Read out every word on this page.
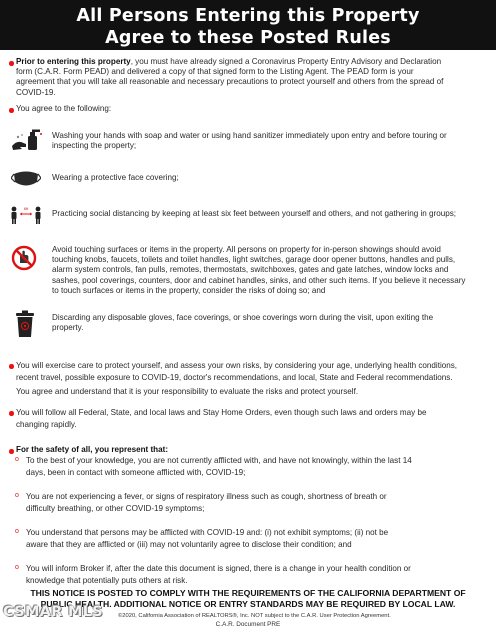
All Persons Entering this Property
Agree to these Posted Rules
Prior to entering this property, you must have already signed a Coronavirus Property Entry Advisory and Declaration
form (C.A.R. Form PEAD) and delivered a copy of that signed form to the Listing Agent. The PEAD form is your
agreement that you will take all reasonable and necessary precautions to protect yourself and others from the spread of
COVID-19.
You agree to the following:
Washing your hands with soap and water or using hand sanitizer immediately upon entry and before touring or
inspecting the property;
Wearing a protective face covering;
6ft
Practicing social distancing by keeping at least six feet between yourself and others, and not gathering in groups;
Avoid touching surfaces or items in the property. All persons on property for in-person showings should avoid
touching knobs, faucets, toilets and toilet handles, light switches, garage door opener buttons, handles and pulls,
alarm system controls, fan pulls, remotes, thermostats, switchboxes, gates and gate latches, window locks and
sashes, pool coverings, counters, door and cabinet handles, sinks, and other such items. If you believe it necessary
to touch surfaces or items in the property, consider the risks of doing so; and
Discarding any disposable gloves, face coverings, or shoe coverings worn during the visit, upon exiting the
property.
You will exercise care to protect yourself, and assess your own risks, by considering your age, underlying health conditions,
recent travel, possible exposure to COVID-19, doctor's recommendations, and local, State and Federal recommendations.
You agree and understand that it is your responsibility to evaluate the risks and protect yourself.
You will follow all Federal, State, and local laws and Stay Home Orders, even though such laws and orders may be
changing rapidly.
For the safety of all, you represent that:
o To the best of your knowledge, you are not currently afflicted with, and have not knowingly, within the last 14
days, been in contact with someone afflicted with, COVID-19;
o You are not experiencing a fever, or signs of respiratory illness such as cough, shortness of breath or
difficulty breathing, or other COVID-19 symptoms;
o You understand that persons may be afflicted with COVID-19 and: (i) not exhibit symptoms; (ii) not be
aware that they are afflicted or (iii) may not voluntarily agree to disclose their condition; and
o You will inform Broker if, after the date this document is signed, there is a change in your health condition or
knowledge that potentially puts others at risk.
THIS NOTICE IS POSTED TO COMPLY WITH THE REQUIREMENTS OF THE CALIFORNIA DEPARTMENT OF
PUBLIC HEALTH. ADDITIONAL NOTICE OR ENTRY STANDARDS MAY BE REQUIRED BY LOCAL LAW.
©2020, California Association of REALTORS®, Inc. NOT subject to the C.A.R. User Protection Agreement.
C.A.R. Document PRE
CSMAR MLS
